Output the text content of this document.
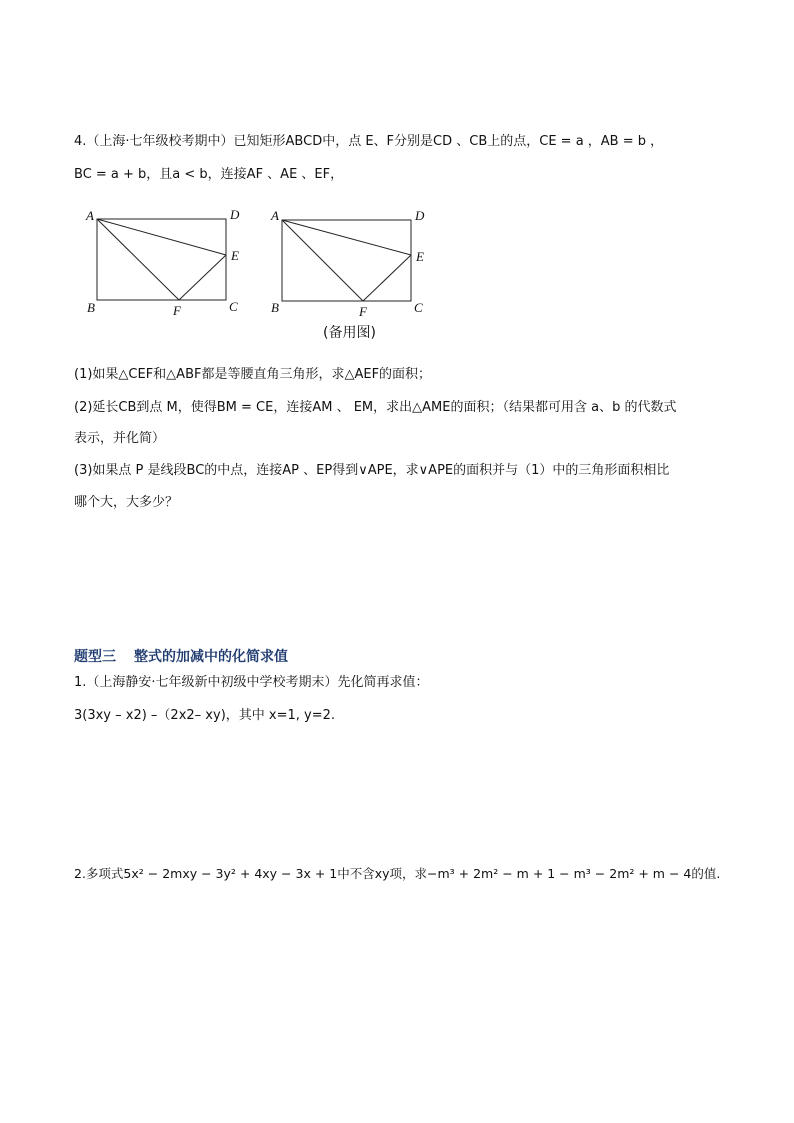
4.（上海·七年级校考期中）已知矩形ABCD中，点 E、F分别是CD 、CB上的点，CE = a ，AB = b ，
BC = a + b，且a < b，连接AF 、AE 、EF，
A	D
E
B	F	C
A	D
E
B	F	C
(备用图)
(1)如果△CEF和△ABF都是等腰直角三角形，求△AEF的面积；
(2)延长CB到点 M，使得BM = CE，连接AM 、 EM，求出△AME的面积；（结果都可用含 a、b 的代数式
表示，并化简）
(3)如果点 P 是线段BC的中点，连接AP 、EP得到∨APE，求∨APE的面积并与（1）中的三角形面积相比
哪个大，大多少？
题型三 整式的加减中的化简求值
1.（上海静安·七年级新中初级中学校考期末）先化简再求值：
3(3xy – x2) –（2x2– xy)，其中 x=1, y=2.
2.多项式5x² − 2mxy − 3y² + 4xy − 3x + 1中不含xy项，求−m³ + 2m² − m + 1 − m³ − 2m² + m − 4的值.
